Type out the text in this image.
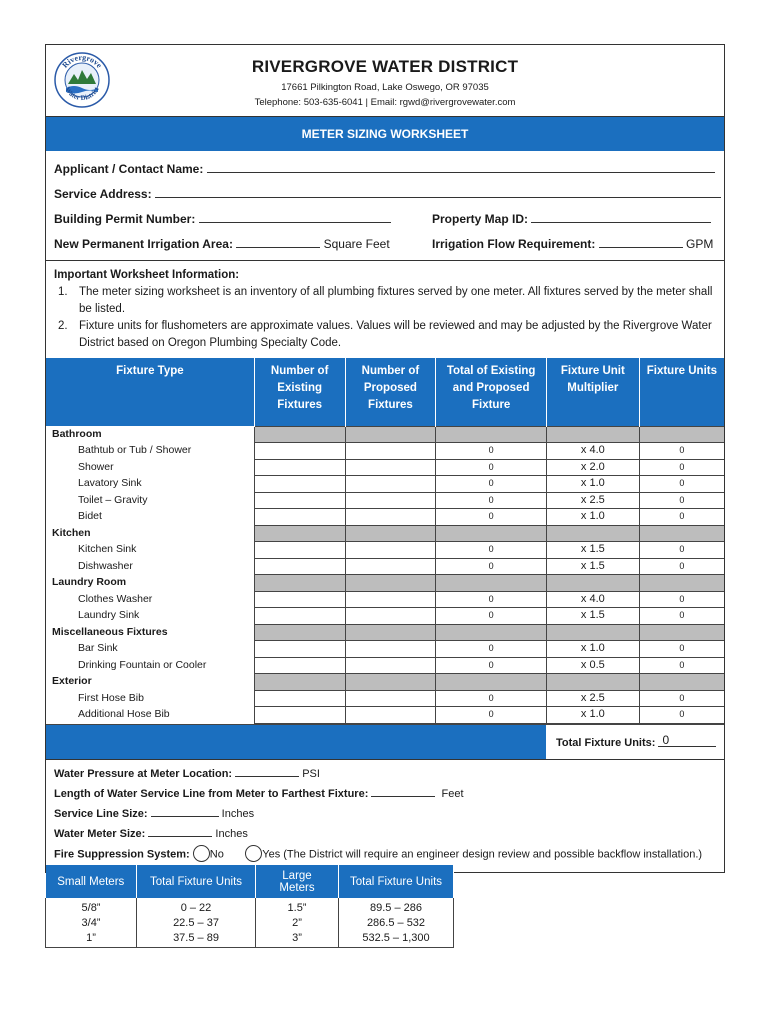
Rivergrove
Water District
RIVERGROVE WATER DISTRICT
17661 Pilkington Road, Lake Oswego, OR 97035
Telephone: 503-635-6041 | Email: rgwd@rivergrovewater.com
METER SIZING WORKSHEET
Applicant / Contact Name:
Service Address:
Building Permit Number:	Property Map ID:
New Permanent Irrigation Area:	Square Feet	Irrigation Flow Requirement:	GPM
Important Worksheet Information:
1. The meter sizing worksheet is an inventory of all plumbing fixtures served by one meter. All fixtures served by the meter shall be listed.
2. Fixture units for flushometers are approximate values. Values will be reviewed and may be adjusted by the Rivergrove Water District based on Oregon Plumbing Specialty Code.
Fixture Type	Number of Existing Fixtures	Number of Proposed Fixtures	Total of Existing and Proposed Fixture	Fixture Unit Multiplier	Fixture Units
Bathroom					
Bathtub or Tub / Shower			0	x 4.0	0
Shower			0	x 2.0	0
Lavatory Sink			0	x 1.0	0
Toilet – Gravity			0	x 2.5	0
Bidet			0	x 1.0	0
Kitchen					
Kitchen Sink			0	x 1.5	0
Dishwasher			0	x 1.5	0
Laundry Room					
Clothes Washer			0	x 4.0	0
Laundry Sink			0	x 1.5	0
Miscellaneous Fixtures					
Bar Sink			0	x 1.0	0
Drinking Fountain or Cooler			0	x 0.5	0
Exterior					
First Hose Bib			0	x 2.5	0
Additional Hose Bib			0	x 1.0	0
Total Fixture Units: 0
Water Pressure at Meter Location:	PSI
Length of Water Service Line from Meter to Farthest Fixture:	Feet
Service Line Size:	Inches
Water Meter Size:	Inches
Fire Suppression System: No	Yes (The District will require an engineer design review and possible backflow installation.)
Small Meters	Total Fixture Units	Large Meters	Total Fixture Units
5/8”	0 – 22	1.5”	89.5 – 286
3/4”	22.5 – 37	2”	286.5 – 532
1”	37.5 – 89	3”	532.5 – 1,300
